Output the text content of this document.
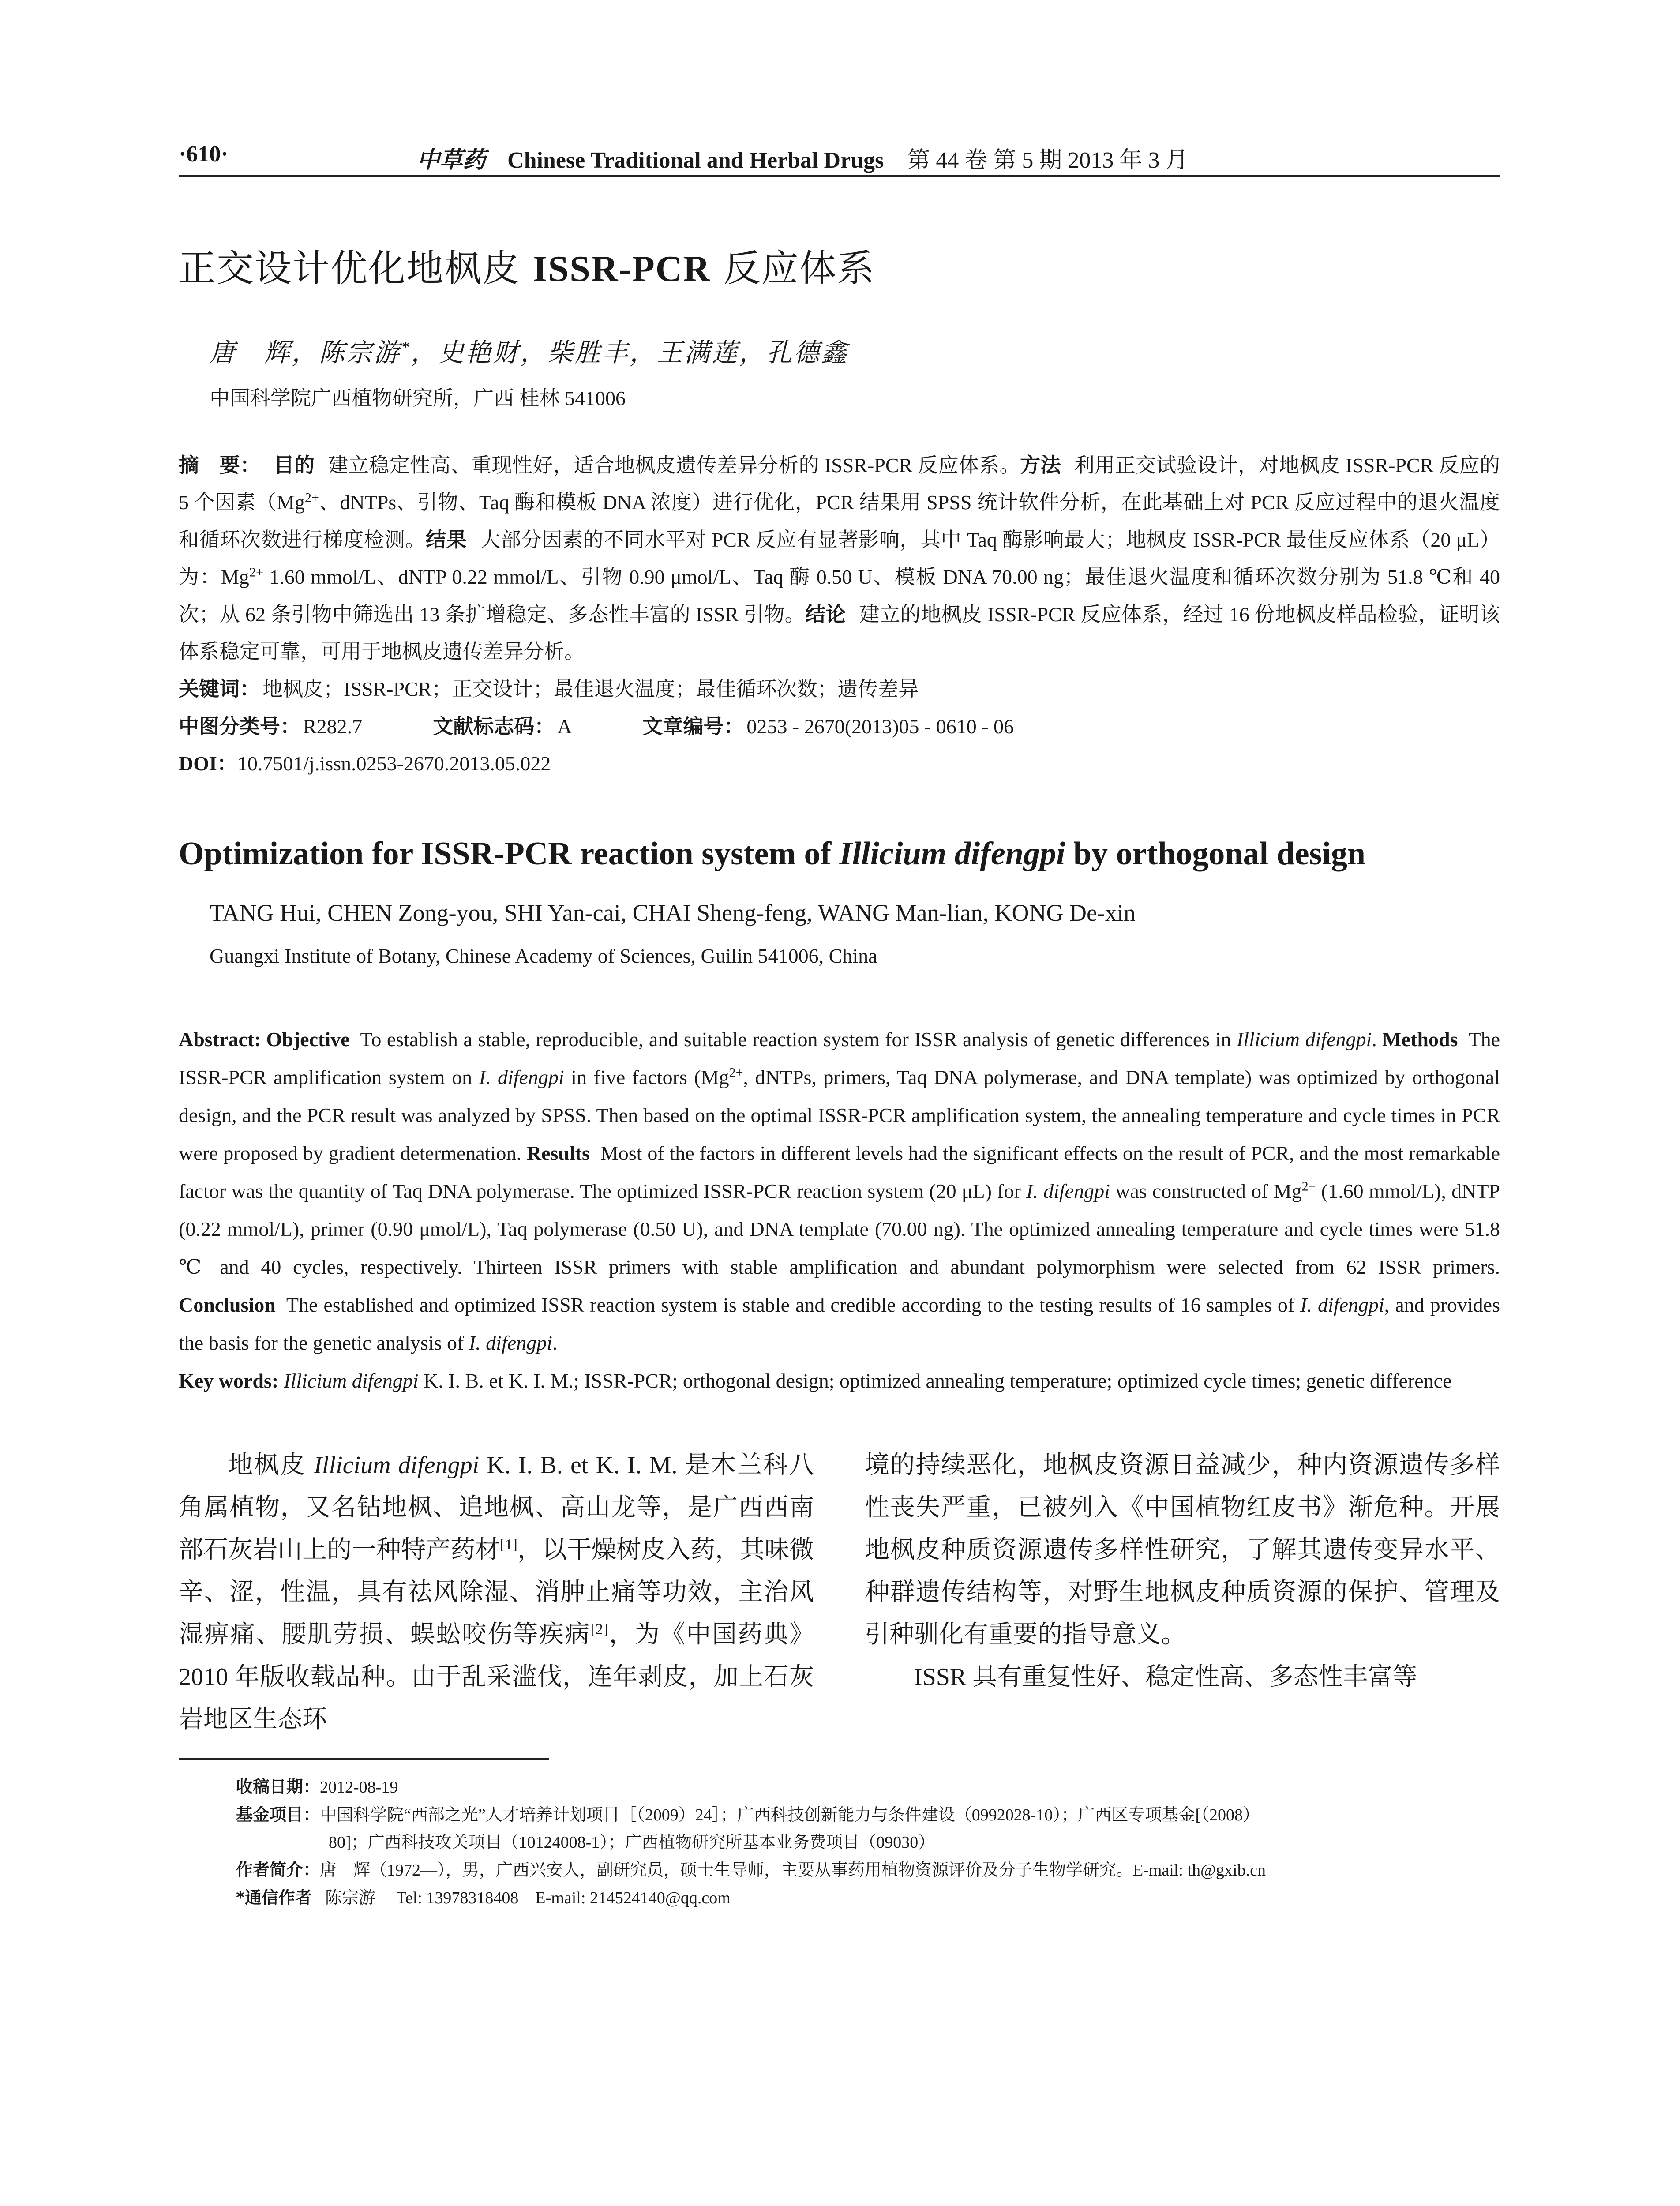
·610·	中草药 Chinese Traditional and Herbal Drugs 第 44 卷 第 5 期 2013 年 3 月
正交设计优化地枫皮 ISSR-PCR 反应体系
唐　辉，陈宗游*，史艳财，柴胜丰，王满莲，孔德鑫
中国科学院广西植物研究所，广西 桂林 541006
摘　要： 目的 建立稳定性高、重现性好，适合地枫皮遗传差异分析的 ISSR-PCR 反应体系。方法 利用正交试验设计，对地枫皮 ISSR-PCR 反应的 5 个因素（$Mg^{2+}$、dNTPs、引物、Taq 酶和模板 DNA 浓度）进行优化，PCR 结果用 SPSS 统计软件分析，在此基础上对 PCR 反应过程中的退火温度和循环次数进行梯度检测。结果 大部分因素的不同水平对 PCR 反应有显著影响，其中 Taq 酶影响最大；地枫皮 ISSR-PCR 最佳反应体系（20 μL）为：$Mg^{2+}$ 1.60 mmol/L、dNTP 0.22 mmol/L、引物 0.90 μmol/L、Taq 酶 0.50 U、模板 DNA 70.00 ng；最佳退火温度和循环次数分别为 51.8 ℃和 40 次；从 62 条引物中筛选出 13 条扩增稳定、多态性丰富的 ISSR 引物。结论 建立的地枫皮 ISSR-PCR 反应体系，经过 16 份地枫皮样品检验，证明该体系稳定可靠，可用于地枫皮遗传差异分析。
关键词： 地枫皮；ISSR-PCR；正交设计；最佳退火温度；最佳循环次数；遗传差异
中图分类号： R282.7	文献标志码： A	文章编号： 0253 - 2670(2013)05 - 0610 - 06
DOI：10.7501/j.issn.0253-2670.2013.05.022
Optimization for ISSR-PCR reaction system of Illicium difengpi by orthogonal design
TANG Hui, CHEN Zong-you, SHI Yan-cai, CHAI Sheng-feng, WANG Man-lian, KONG De-xin
Guangxi Institute of Botany, Chinese Academy of Sciences, Guilin 541006, China
Abstract: Objective To establish a stable, reproducible, and suitable reaction system for ISSR analysis of genetic differences in Illicium difengpi. Methods The ISSR-PCR amplification system on I. difengpi in five factors ($Mg^{2+}$, dNTPs, primers, Taq DNA polymerase, and DNA template) was optimized by orthogonal design, and the PCR result was analyzed by SPSS. Then based on the optimal ISSR-PCR amplification system, the annealing temperature and cycle times in PCR were proposed by gradient determenation. Results Most of the factors in different levels had the significant effects on the result of PCR, and the most remarkable factor was the quantity of Taq DNA polymerase. The optimized ISSR-PCR reaction system (20 μL) for I. difengpi was constructed of $Mg^{2+}$ (1.60 mmol/L), dNTP (0.22 mmol/L), primer (0.90 μmol/L), Taq polymerase (0.50 U), and DNA template (70.00 ng). The optimized annealing temperature and cycle times were 51.8 ℃ and 40 cycles, respectively. Thirteen ISSR primers with stable amplification and abundant polymorphism were selected from 62 ISSR primers. Conclusion The established and optimized ISSR reaction system is stable and credible according to the testing results of 16 samples of I. difengpi, and provides the basis for the genetic analysis of I. difengpi.
Key words: Illicium difengpi K. I. B. et K. I. M.; ISSR-PCR; orthogonal design; optimized annealing temperature; optimized cycle times; genetic difference

地枫皮 Illicium difengpi K. I. B. et K. I. M. 是木兰科八角属植物，又名钻地枫、追地枫、高山龙等，是广西西南部石灰岩山上的一种特产药材[1]，以干燥树皮入药，其味微辛、涩，性温，具有祛风除湿、消肿止痛等功效，主治风湿痹痛、腰肌劳损、蜈蚣咬伤等疾病[2]，为《中国药典》2010 年版收载品种。由于乱采滥伐，连年剥皮，加上石灰岩地区生态环

境的持续恶化，地枫皮资源日益减少，种内资源遗传多样性丧失严重，已被列入《中国植物红皮书》渐危种。开展地枫皮种质资源遗传多样性研究，了解其遗传变异水平、种群遗传结构等，对野生地枫皮种质资源的保护、管理及引种驯化有重要的指导意义。

ISSR 具有重复性好、稳定性高、多态性丰富等

收稿日期：2012-08-19
基金项目：中国科学院“西部之光”人才培养计划项目［（2009）24］；广西科技创新能力与条件建设（0992028-10）；广西区专项基金[（2008）
80]；广西科技攻关项目（10124008-1）；广西植物研究所基本业务费项目（09030）
作者简介：唐　辉（1972—），男，广西兴安人，副研究员，硕士生导师，主要从事药用植物资源评价及分子生物学研究。E-mail: th@gxib.cn
*通信作者 陈宗游　 Tel: 13978318408　E-mail: 214524140@qq.com
